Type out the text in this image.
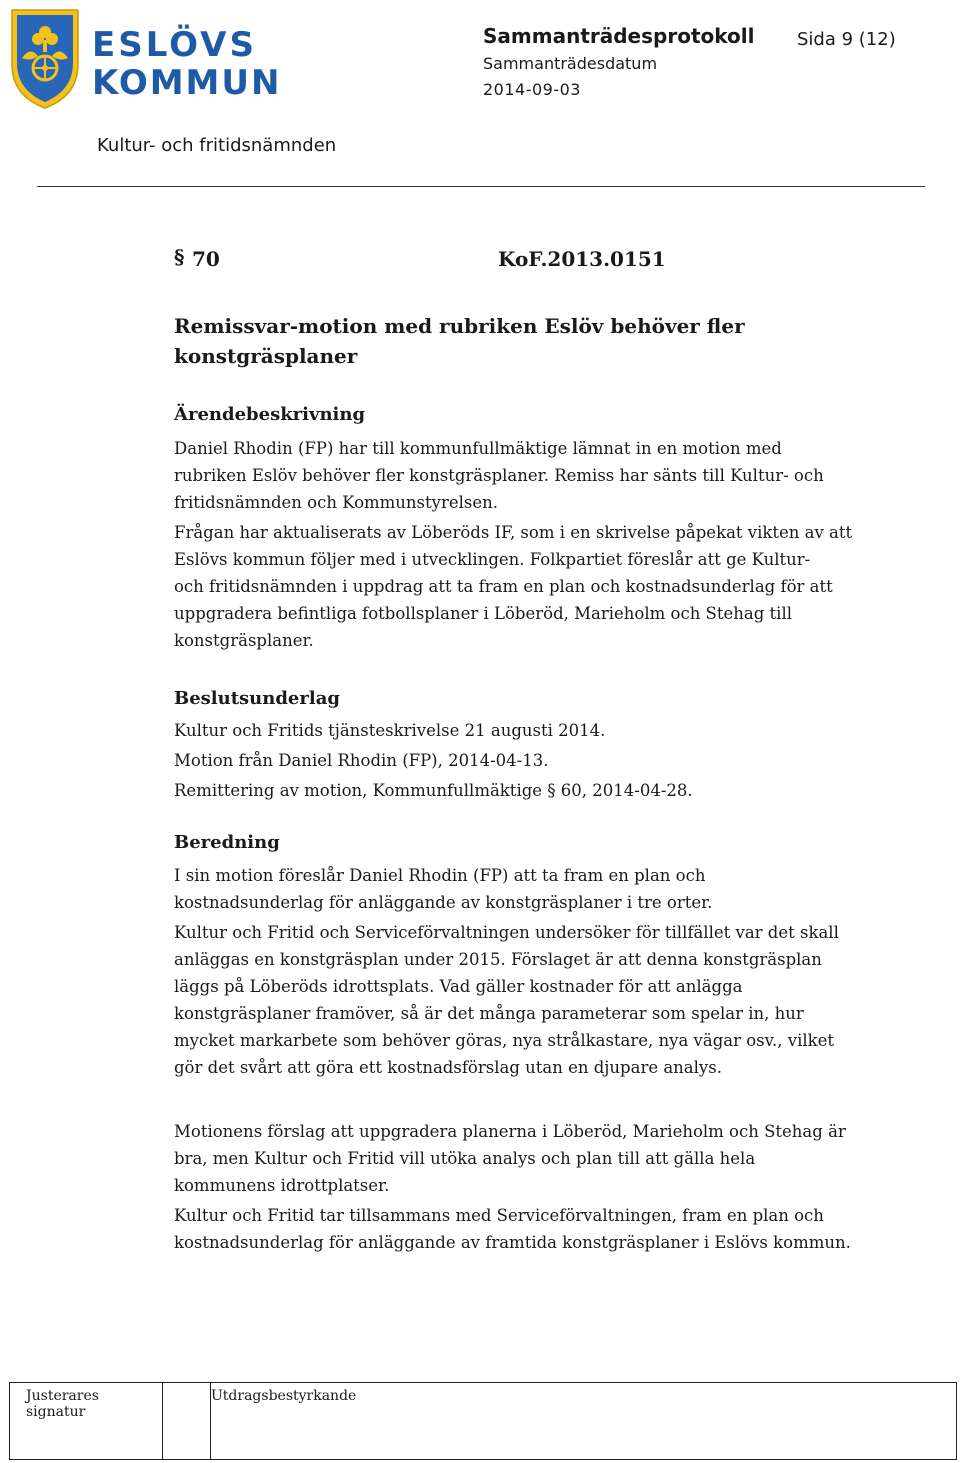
ESLÖVS
KOMMUN
Sammanträdesprotokoll Sida 9 (12)
Sammanträdesdatum
2014-09-03
Kultur- och fritidsnämnden
§ 70	KoF.2013.0151
Remissvar-motion med rubriken Eslöv behöver fler
konstgräsplaner
Ärendebeskrivning

Daniel Rhodin (FP) har till kommunfullmäktige lämnat in en motion med

rubriken Eslöv behöver fler konstgräsplaner. Remiss har sänts till Kultur- och

fritidsnämnden och Kommunstyrelsen.

Frågan har aktualiserats av Löberöds IF, som i en skrivelse påpekat vikten av att

Eslövs kommun följer med i utvecklingen. Folkpartiet föreslår att ge Kultur-

och fritidsnämnden i uppdrag att ta fram en plan och kostnadsunderlag för att

uppgradera befintliga fotbollsplaner i Löberöd, Marieholm och Stehag till

konstgräsplaner.

Beslutsunderlag
Kultur och Fritids tjänsteskrivelse 21 augusti 2014.
Motion från Daniel Rhodin (FP), 2014-04-13.
Remittering av motion, Kommunfullmäktige § 60, 2014-04-28.
Beredning

I sin motion föreslår Daniel Rhodin (FP) att ta fram en plan och

kostnadsunderlag för anläggande av konstgräsplaner i tre orter.

Kultur och Fritid och Serviceförvaltningen undersöker för tillfället var det skall

anläggas en konstgräsplan under 2015. Förslaget är att denna konstgräsplan

läggs på Löberöds idrottsplats. Vad gäller kostnader för att anlägga

konstgräsplaner framöver, så är det många parameterar som spelar in, hur

mycket markarbete som behöver göras, nya strålkastare, nya vägar osv., vilket

gör det svårt att göra ett kostnadsförslag utan en djupare analys.

Motionens förslag att uppgradera planerna i Löberöd, Marieholm och Stehag är

bra, men Kultur och Fritid vill utöka analys och plan till att gälla hela

kommunens idrottplatser.

Kultur och Fritid tar tillsammans med Serviceförvaltningen, fram en plan och

kostnadsunderlag för anläggande av framtida konstgräsplaner i Eslövs kommun.

Justerares signatur
Utdragsbestyrkande
